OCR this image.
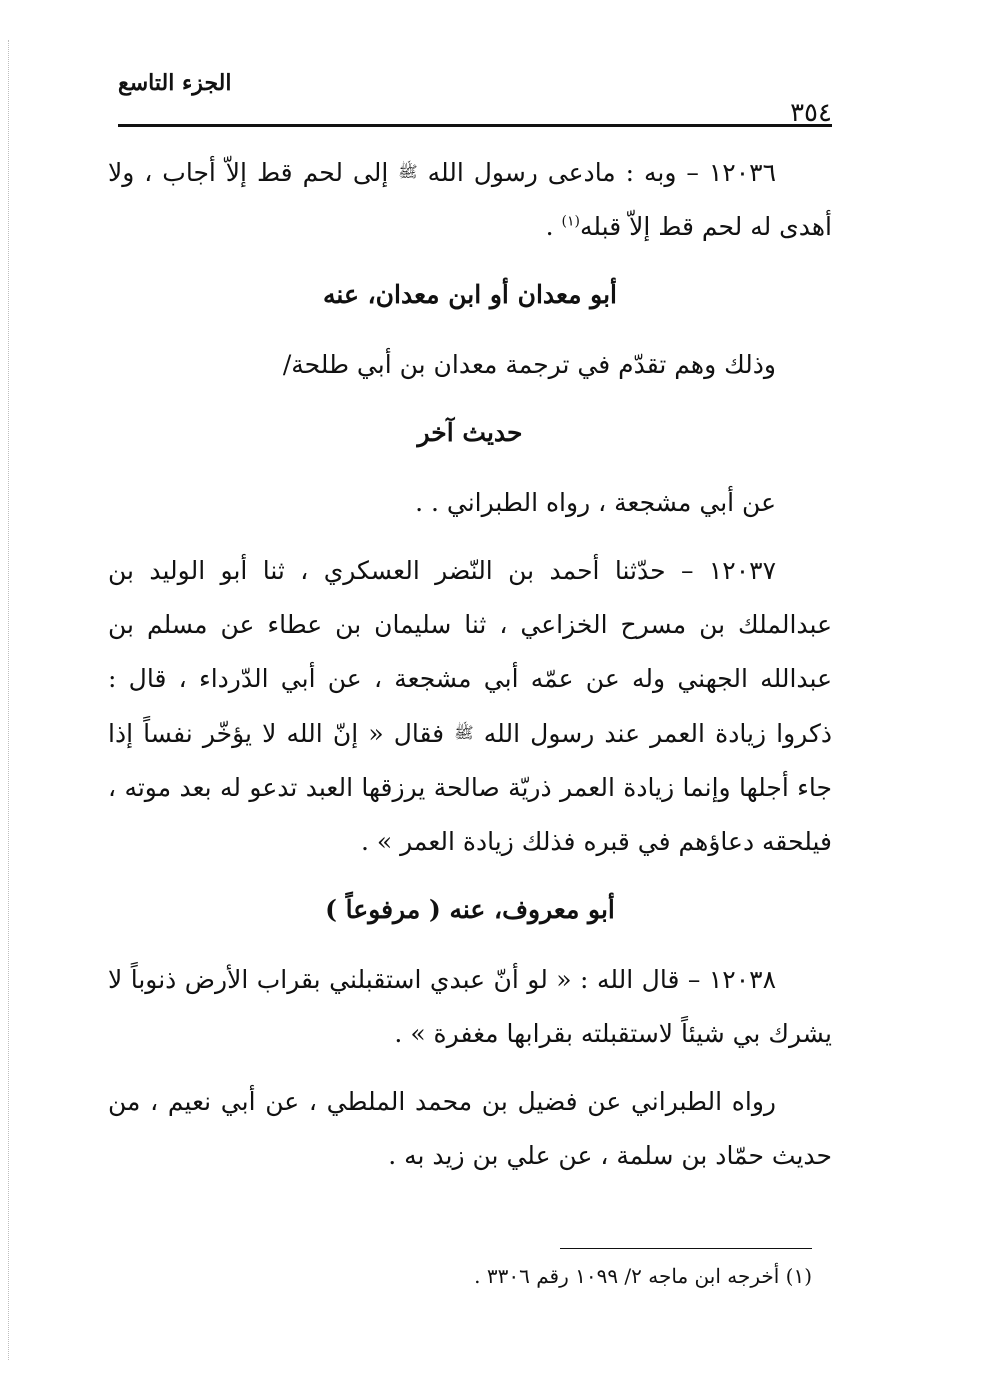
الجزء التاسع
٣٥٤

١٢٠٣٦ – وبه : مادعى رسول الله ﷺ إلى لحم قط إلاّ أجاب ، ولا أهدى له لحم قط إلاّ قبله$^{(١)}$ .

أبو معدان أو ابن معدان، عنه

وذلك وهم تقدّم في ترجمة معدان بن أبي طلحة/

حديث آخر

عن أبي مشجعة ، رواه الطبراني . .

١٢٠٣٧ – حدّثنا أحمد بن النّضر العسكري ، ثنا أبو الوليد بن عبدالملك بن مسرح الخزاعي ، ثنا سليمان بن عطاء عن مسلم بن عبدالله الجهني وله عن عمّه أبي مشجعة ، عن أبي الدّرداء ، قال : ذكروا زيادة العمر عند رسول الله ﷺ فقال « إنّ الله لا يؤخّر نفساً إذا جاء أجلها وإنما زيادة العمر ذريّة صالحة يرزقها العبد تدعو له بعد موته ، فيلحقه دعاؤهم في قبره فذلك زيادة العمر » .

أبو معروف، عنه ( مرفوعاً )

١٢٠٣٨ – قال الله : « لو أنّ عبدي استقبلني بقراب الأرض ذنوباً لا يشرك بي شيئاً لاستقبلته بقرابها مغفرة » .

رواه الطبراني عن فضيل بن محمد الملطي ، عن أبي نعيم ، من حديث حمّاد بن سلمة ، عن علي بن زيد به .

(١) أخرجه ابن ماجه ٢/ ١٠٩٩ رقم ٣٣٠٦ .
